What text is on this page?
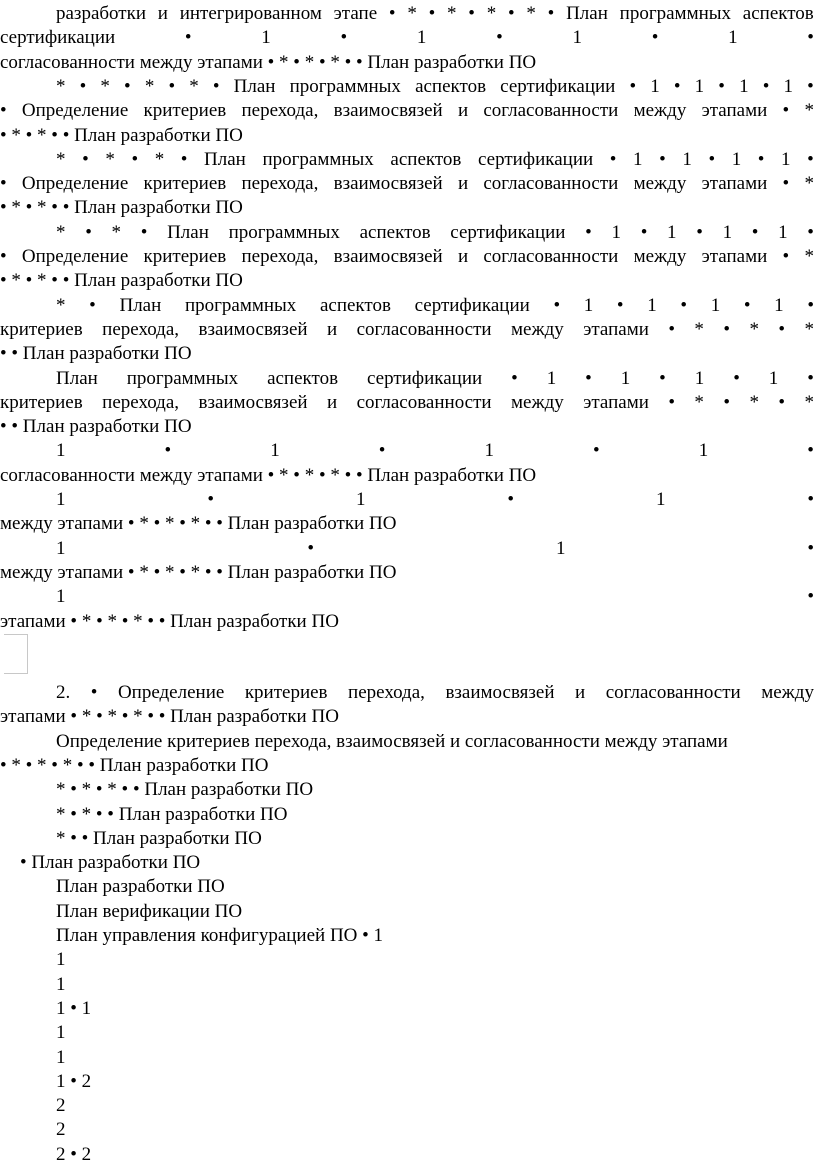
разработки и интегрированном этапе • * • * • * • * • План программных аспектов
сертификации	•	1	•	1	•	1	•	1	•
согласованности между этапами • * • * • * • • План разработки ПО
* • * • * • * • План программных аспектов сертификации • 1 • 1 • 1 • 1 •
• Определение критериев перехода, взаимосвязей и согласованности между этапами • *
• * • * • • План разработки ПО
* • * • * • План программных аспектов сертификации • 1 • 1 • 1 • 1 •
• Определение критериев перехода, взаимосвязей и согласованности между этапами • *
• * • * • • План разработки ПО
* • * • План программных аспектов сертификации • 1 • 1 • 1 • 1 •
• Определение критериев перехода, взаимосвязей и согласованности между этапами • *
• * • * • • План разработки ПО
* • План программных аспектов сертификации • 1 • 1 • 1 • 1 •
критериев перехода, взаимосвязей и согласованности между этапами • * • * • *
• • План разработки ПО
План программных аспектов сертификации • 1 • 1 • 1 • 1 •
критериев перехода, взаимосвязей и согласованности между этапами • * • * • *
• • План разработки ПО
1	•	1	•	1	•	1	•
согласованности между этапами • * • * • * • • План разработки ПО
1	•	1	•	1	•
между этапами • * • * • * • • План разработки ПО
1	•	1	•
между этапами • * • * • * • • План разработки ПО
1	•
этапами • * • * • * • • План разработки ПО
2. • Определение критериев перехода, взаимосвязей и согласованности между
этапами • * • * • * • • План разработки ПО
Определение критериев перехода, взаимосвязей и согласованности между этапами
• * • * • * • • План разработки ПО
* • * • * • • План разработки ПО
* • * • • План разработки ПО
* • • План разработки ПО
• План разработки ПО
План разработки ПО
План верификации ПО
План управления конфигурацией ПО • 1
1
1
1 • 1
1
1
1 • 2
2
2
2 • 2
